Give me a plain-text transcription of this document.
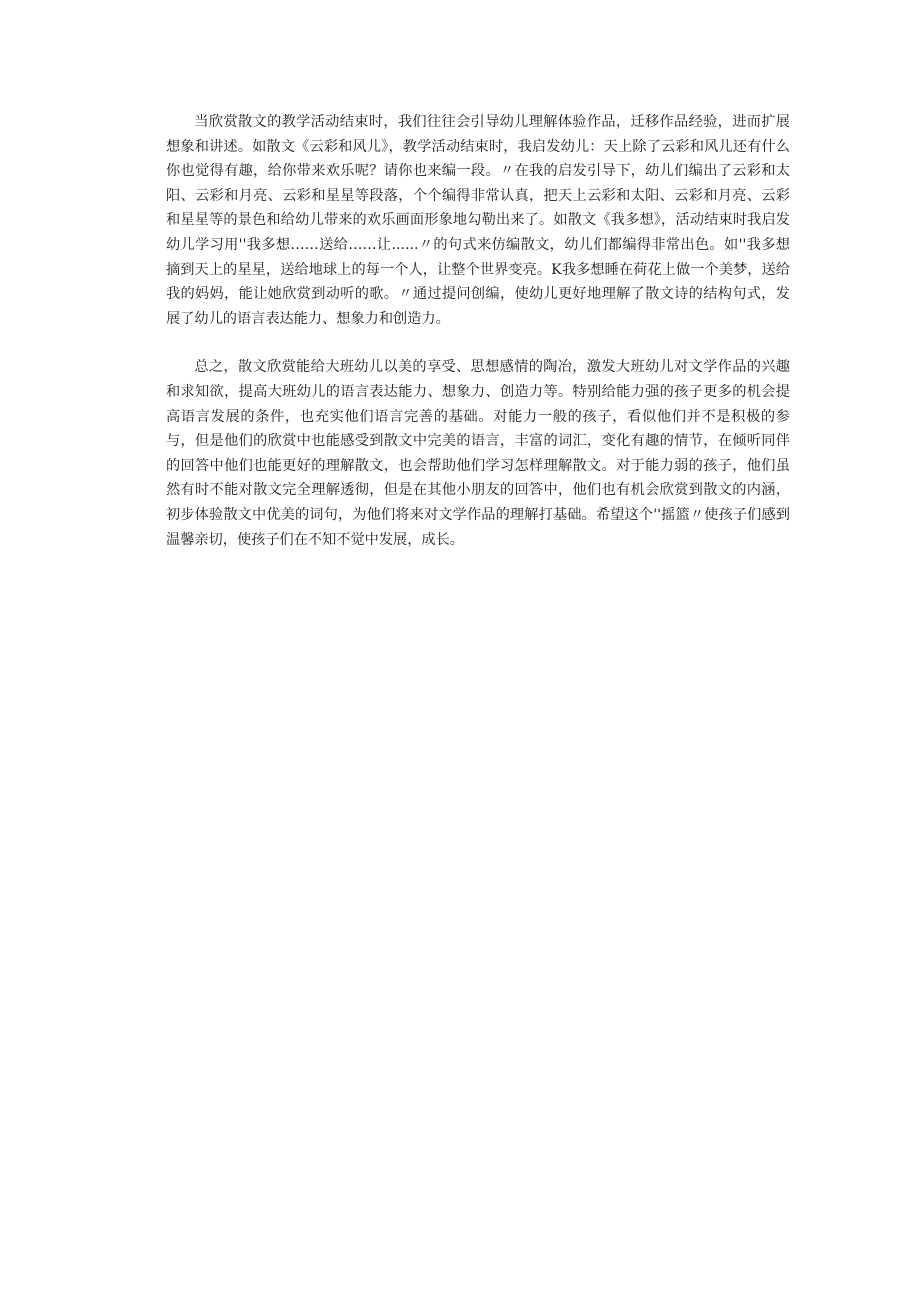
当欣赏散文的教学活动结束时，我们往往会引导幼儿理解体验作品，迁移作品经验，进而扩展想象和讲述。如散文《云彩和风儿》，教学活动结束时，我启发幼儿：天上除了云彩和风儿还有什么你也觉得有趣，给你带来欢乐呢？请你也来编一段。〃在我的启发引导下，幼儿们编出了云彩和太阳、云彩和月亮、云彩和星星等段落，个个编得非常认真，把天上云彩和太阳、云彩和月亮、云彩和星星等的景色和给幼儿带来的欢乐画面形象地勾勒出来了。如散文《我多想》，活动结束时我启发幼儿学习用''我多想……送给……让......〃的句式来仿编散文，幼儿们都编得非常出色。如''我多想摘到天上的星星，送给地球上的每一个人，让整个世界变亮。K我多想睡在荷花上做一个美梦，送给我的妈妈，能让她欣赏到动听的歌。〃通过提问创编，使幼儿更好地理解了散文诗的结构句式，发展了幼儿的语言表达能力、想象力和创造力。

总之，散文欣赏能给大班幼儿以美的享受、思想感情的陶冶，激发大班幼儿对文学作品的兴趣和求知欲，提高大班幼儿的语言表达能力、想象力、创造力等。特别给能力强的孩子更多的机会提高语言发展的条件，也充实他们语言完善的基础。对能力一般的孩子，看似他们并不是积极的参与，但是他们的欣赏中也能感受到散文中完美的语言，丰富的词汇，变化有趣的情节，在倾听同伴的回答中他们也能更好的理解散文，也会帮助他们学习怎样理解散文。对于能力弱的孩子，他们虽然有时不能对散文完全理解透彻，但是在其他小朋友的回答中，他们也有机会欣赏到散文的内涵，初步体验散文中优美的词句，为他们将来对文学作品的理解打基础。希望这个''摇篮〃使孩子们感到温馨亲切，使孩子们在不知不觉中发展，成长。
